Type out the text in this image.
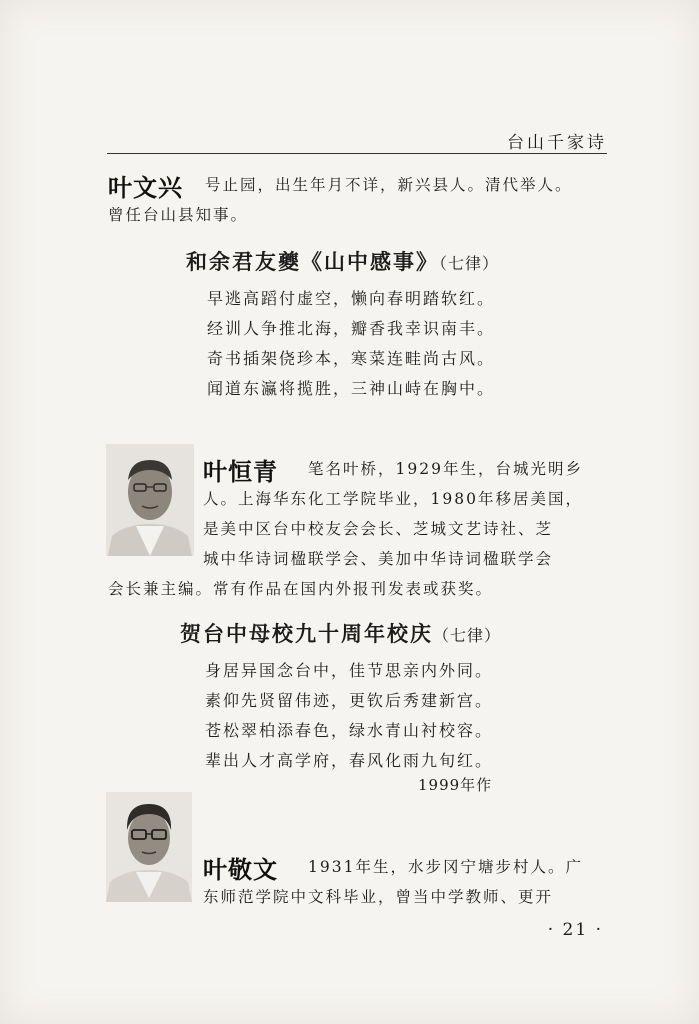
台山千家诗
叶文兴 号止园，出生年月不详，新兴县人。清代举人。
曾任台山县知事。
和余君友夔《山中感事》（七律）
早逃高蹈付虚空，懒向春明踏软红。
经训人争推北海，瓣香我幸识南丰。
奇书插架侥珍本，寒菜连畦尚古风。
闻道东瀛将揽胜，三神山峙在胸中。
叶恒青 笔名叶桥，1929年生，台城光明乡
人。上海华东化工学院毕业，1980年移居美国，
是美中区台中校友会会长、芝城文艺诗社、芝
城中华诗词楹联学会、美加中华诗词楹联学会
会长兼主编。常有作品在国内外报刊发表或获奖。
贺台中母校九十周年校庆（七律）
身居异国念台中，佳节思亲内外同。
素仰先贤留伟迹，更钦后秀建新宫。
苍松翠柏添春色，绿水青山衬校容。
辈出人才高学府，春风化雨九旬红。
1999年作
叶敬文 1931年生，水步冈宁塘步村人。广
东师范学院中文科毕业，曾当中学教师、更开
· 21 ·
